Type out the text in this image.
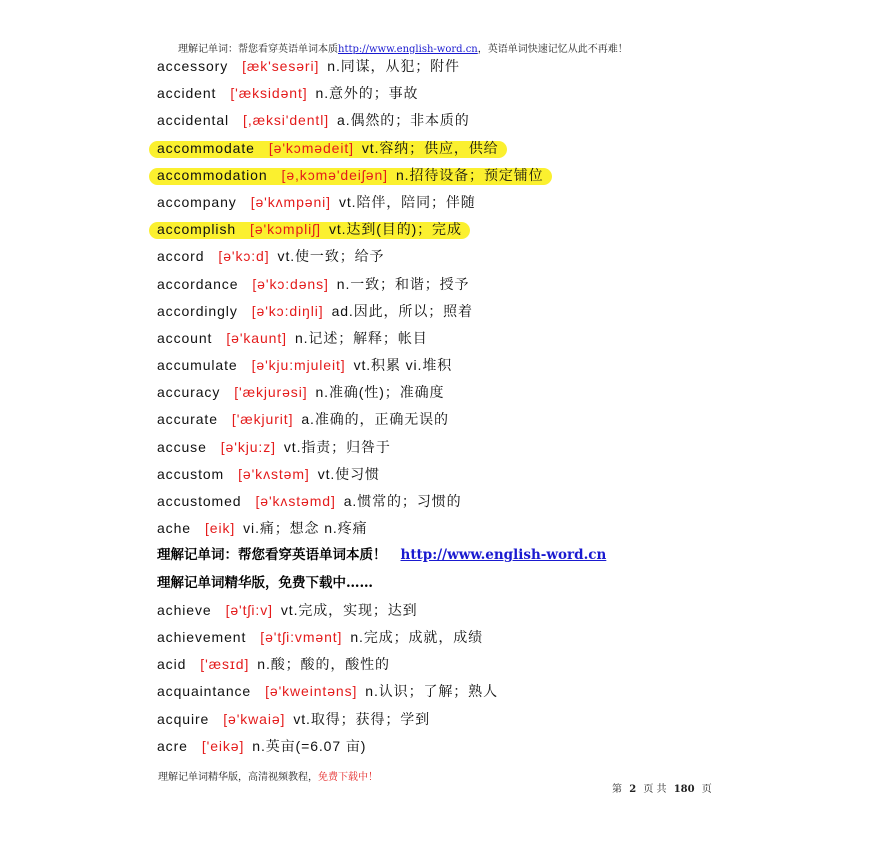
理解记单词：帮您看穿英语单词本质http://www.english-word.cn，英语单词快速记忆从此不再难！
accessory [æk'sesəri] n.同谋，从犯；附件
accident ['æksidənt] n.意外的；事故
accidental [,æksi'dentl] a.偶然的；非本质的
accommodate [ə'kɔmədeit] vt.容纳；供应，供给
accommodation [ə,kɔmə'deiʃən] n.招待设备；预定铺位
accompany [ə'kʌmpəni] vt.陪伴，陪同；伴随
accomplish [ə'kɔmpliʃ] vt.达到(目的)；完成
accord [ə'kɔ:d] vt.使一致；给予
accordance [ə'kɔ:dəns] n.一致；和谐；授予
accordingly [ə'kɔ:diŋli] ad.因此，所以；照着
account [ə'kaunt] n.记述；解释；帐目
accumulate [ə'kju:mjuleit] vt.积累 vi.堆积
accuracy ['ækjurəsi] n.准确(性)；准确度
accurate ['ækjurit] a.准确的，正确无误的
accuse [ə'kju:z] vt.指责；归咎于
accustom [ə'kʌstəm] vt.使习惯
accustomed [ə'kʌstəmd] a.惯常的；习惯的
ache [eik] vi.痛；想念 n.疼痛
理解记单词：帮您看穿英语单词本质！ http://www.english-word.cn
理解记单词精华版，免费下载中……
achieve [ə'tʃi:v] vt.完成，实现；达到
achievement [ə'tʃi:vmənt] n.完成；成就，成绩
acid ['æsɪd] n.酸；酸的，酸性的
acquaintance [ə'kweintəns] n.认识；了解；熟人
acquire [ə'kwaiə] vt.取得；获得；学到
acre ['eikə] n.英亩(=6.07 亩)
理解记单词精华版，高清视频教程，免费下载中！
第 2 页 共 180 页
